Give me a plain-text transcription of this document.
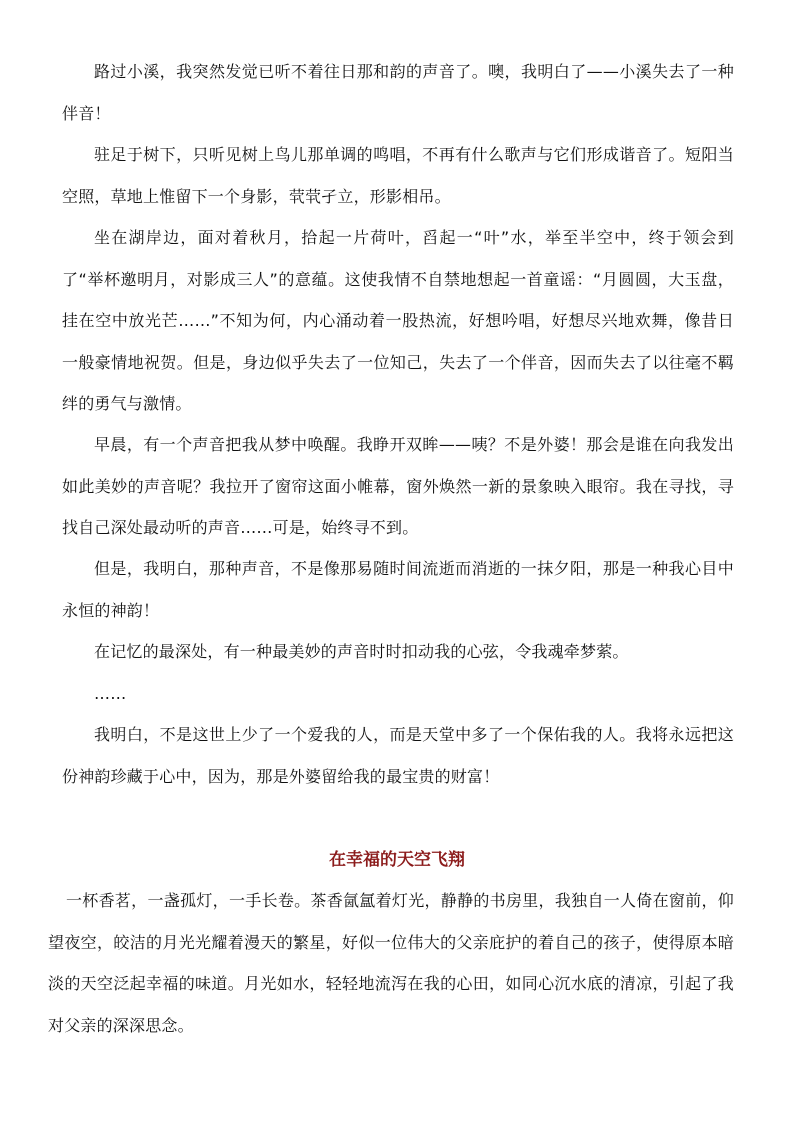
路过小溪，我突然发觉已听不着往日那和韵的声音了。噢，我明白了——小溪失去了一种伴音！

驻足于树下，只听见树上鸟儿那单调的鸣唱，不再有什么歌声与它们形成谐音了。短阳当空照，草地上惟留下一个身影，茕茕孑立，形影相吊。

坐在湖岸边，面对着秋月，拾起一片荷叶，舀起一“叶”水，举至半空中，终于领会到了“举杯邀明月，对影成三人”的意蕴。这使我情不自禁地想起一首童谣：“月圆圆，大玉盘，挂在空中放光芒……”不知为何，内心涌动着一股热流，好想吟唱，好想尽兴地欢舞，像昔日一般豪情地祝贺。但是，身边似乎失去了一位知己，失去了一个伴音，因而失去了以往毫不羁绊的勇气与激情。

早晨，有一个声音把我从梦中唤醒。我睁开双眸——咦？不是外婆！那会是谁在向我发出如此美妙的声音呢？我拉开了窗帘这面小帷幕，窗外焕然一新的景象映入眼帘。我在寻找，寻找自己深处最动听的声音……可是，始终寻不到。

但是，我明白，那种声音，不是像那易随时间流逝而消逝的一抹夕阳，那是一种我心目中永恒的神韵！

在记忆的最深处，有一种最美妙的声音时时扣动我的心弦，令我魂牵梦萦。

……

我明白，不是这世上少了一个爱我的人，而是天堂中多了一个保佑我的人。我将永远把这份神韵珍藏于心中，因为，那是外婆留给我的最宝贵的财富！

在幸福的天空飞翔

一杯香茗，一盏孤灯，一手长卷。茶香氤氲着灯光，静静的书房里，我独自一人倚在窗前，仰望夜空，皎洁的月光光耀着漫天的繁星，好似一位伟大的父亲庇护的着自己的孩子，使得原本暗淡的天空泛起幸福的味道。月光如水，轻轻地流泻在我的心田，如同心沉水底的清凉，引起了我对父亲的深深思念。
